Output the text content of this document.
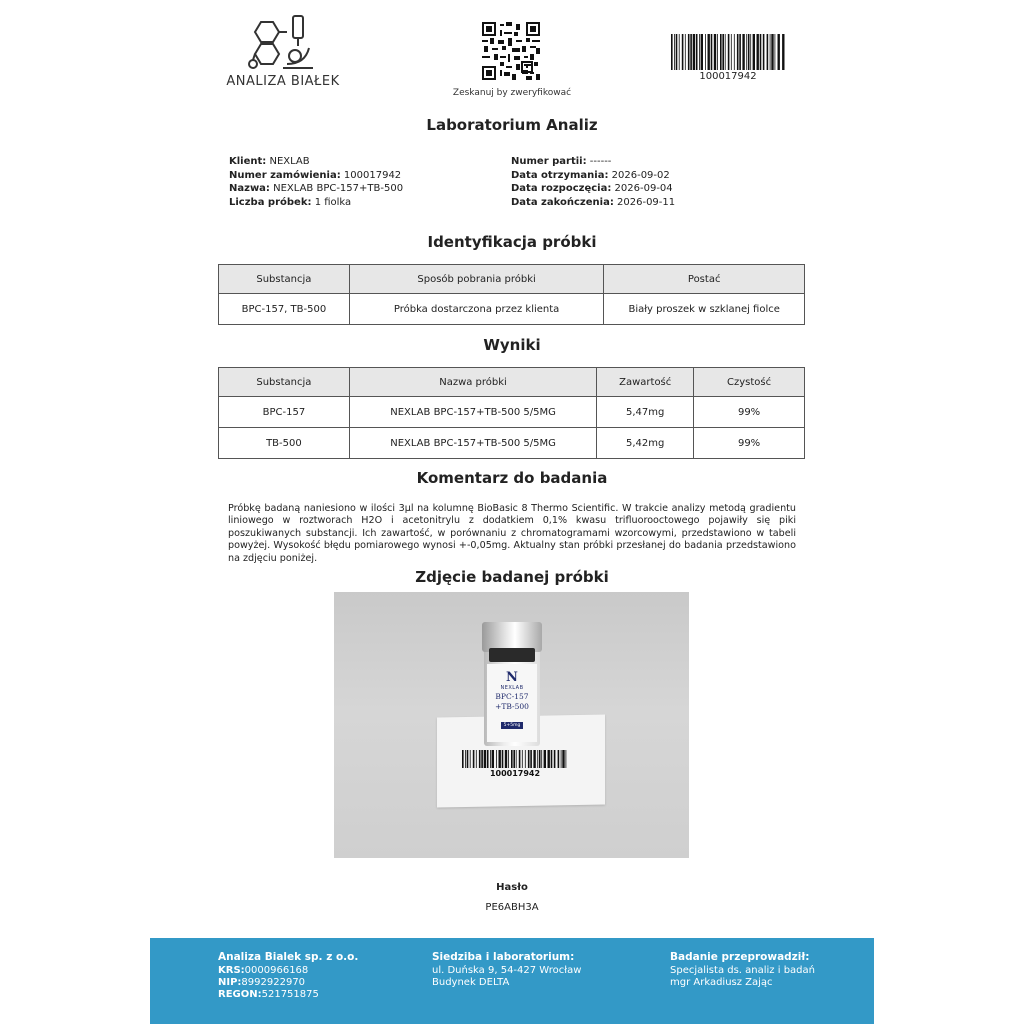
ANALIZA BIAŁEK
Zeskanuj by zweryfikować
100017942
Laboratorium Analiz
Klient: NEXLAB
Numer zamówienia: 100017942
Nazwa: NEXLAB BPC-157+TB-500
Liczba próbek: 1 fiolka
Numer partii: ------
Data otrzymania: 2026-09-02
Data rozpoczęcia: 2026-09-04
Data zakończenia: 2026-09-11
Identyfikacja próbki
Substancja	Sposób pobrania próbki	Postać
BPC-157, TB-500	Próbka dostarczona przez klienta	Biały proszek w szklanej fiolce
Wyniki
Substancja	Nazwa próbki	Zawartość	Czystość
BPC-157	NEXLAB BPC-157+TB-500 5/5MG	5,47mg	99%
TB-500	NEXLAB BPC-157+TB-500 5/5MG	5,42mg	99%
Komentarz do badania

Próbkę badaną naniesiono w ilości 3µl na kolumnę BioBasic 8 Thermo Scientific. W trakcie analizy metodą gradientu liniowego w roztworach H2O i acetonitrylu z dodatkiem 0,1% kwasu trifluorooctowego pojawiły się piki poszukiwanych substancji. Ich zawartość, w porównaniu z chromatogramami wzorcowymi, przedstawiono w tabeli powyżej. Wysokość błędu pomiarowego wynosi +-0,05mg. Aktualny stan próbki przesłanej do badania przedstawiono na zdjęciu poniżej.

Zdjęcie badanej próbki
N
NEXLAB
BPC-157
+TB-500
5+5mg
100017942
Hasło
PE6ABH3A
Analiza Bialek sp. z o.o.
KRS:0000966168
NIP:8992922970
REGON:521751875
Siedziba i laboratorium:
ul. Duńska 9, 54-427 Wrocław
Budynek DELTA
Badanie przeprowadził:
Specjalista ds. analiz i badań
mgr Arkadiusz Zając
